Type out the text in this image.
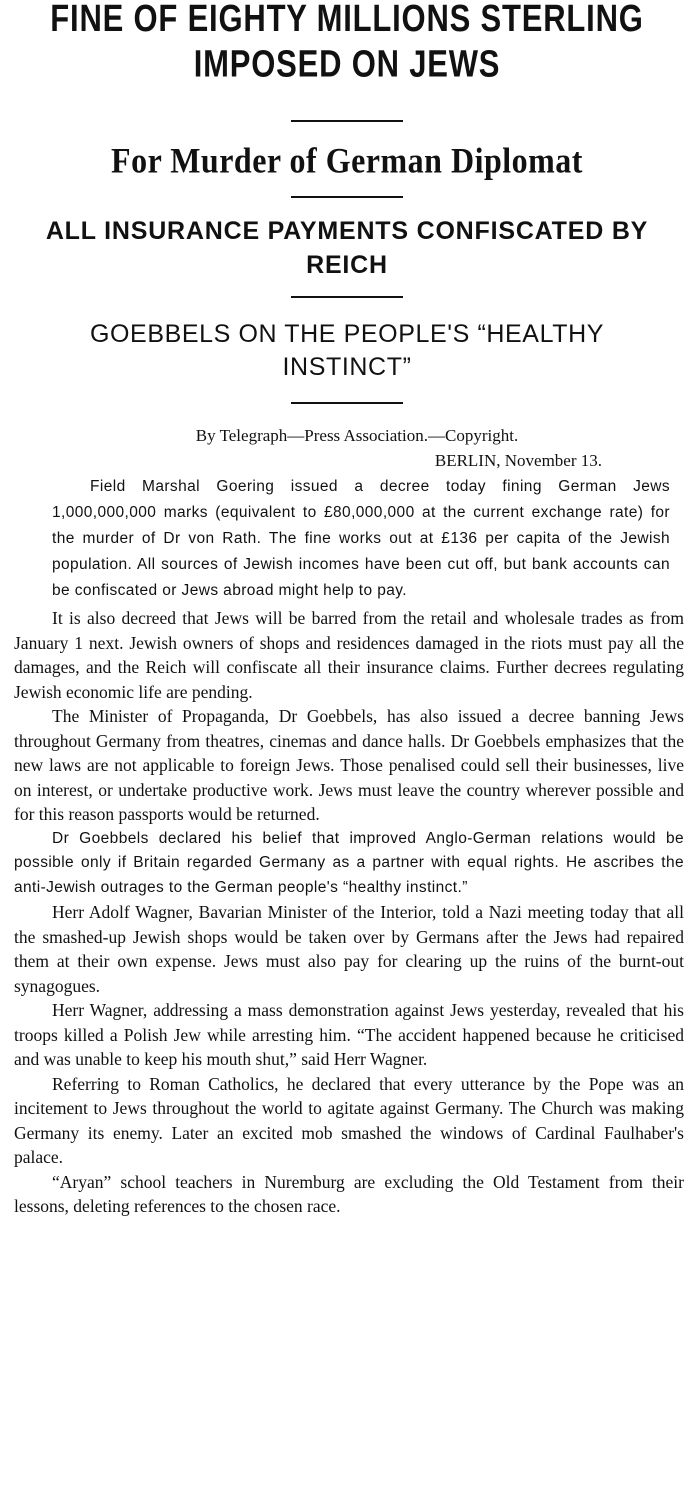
FINE OF EIGHTY MILLIONS STERLING IMPOSED ON JEWS
For Murder of German Diplomat
ALL INSURANCE PAYMENTS CONFISCATED BY REICH
GOEBBELS ON THE PEOPLE'S “HEALTHY INSTINCT”

By Telegraph—Press Association.—Copyright.

BERLIN, November 13.

Field Marshal Goering issued a decree today fining German Jews 1,000,000,000 marks (equivalent to £80,000,000 at the current exchange rate) for the murder of Dr von Rath. The fine works out at £136 per capita of the Jewish population. All sources of Jewish incomes have been cut off, but bank accounts can be confiscated or Jews abroad might help to pay.

It is also decreed that Jews will be barred from the retail and wholesale trades as from January 1 next. Jewish owners of shops and residences damaged in the riots must pay all the damages, and the Reich will confiscate all their insurance claims. Further decrees regulating Jewish economic life are pending.

The Minister of Propaganda, Dr Goebbels, has also issued a decree banning Jews throughout Germany from theatres, cinemas and dance halls. Dr Goebbels emphasizes that the new laws are not applicable to foreign Jews. Those penalised could sell their businesses, live on interest, or undertake productive work. Jews must leave the country wherever possible and for this reason passports would be returned.

Dr Goebbels declared his belief that improved Anglo-German relations would be possible only if Britain regarded Germany as a partner with equal rights. He ascribes the anti-Jewish outrages to the German people's “healthy instinct.”

Herr Adolf Wagner, Bavarian Minister of the Interior, told a Nazi meeting today that all the smashed-up Jewish shops would be taken over by Germans after the Jews had repaired them at their own expense. Jews must also pay for clearing up the ruins of the burnt-out synagogues.

Herr Wagner, addressing a mass demonstration against Jews yesterday, revealed that his troops killed a Polish Jew while arresting him. “The accident happened because he criticised and was unable to keep his mouth shut,” said Herr Wagner.

Referring to Roman Catholics, he declared that every utterance by the Pope was an incitement to Jews throughout the world to agitate against Germany. The Church was making Germany its enemy. Later an excited mob smashed the windows of Cardinal Faulhaber's palace.

“Aryan” school teachers in Nuremburg are excluding the Old Testament from their lessons, deleting references to the chosen race.
